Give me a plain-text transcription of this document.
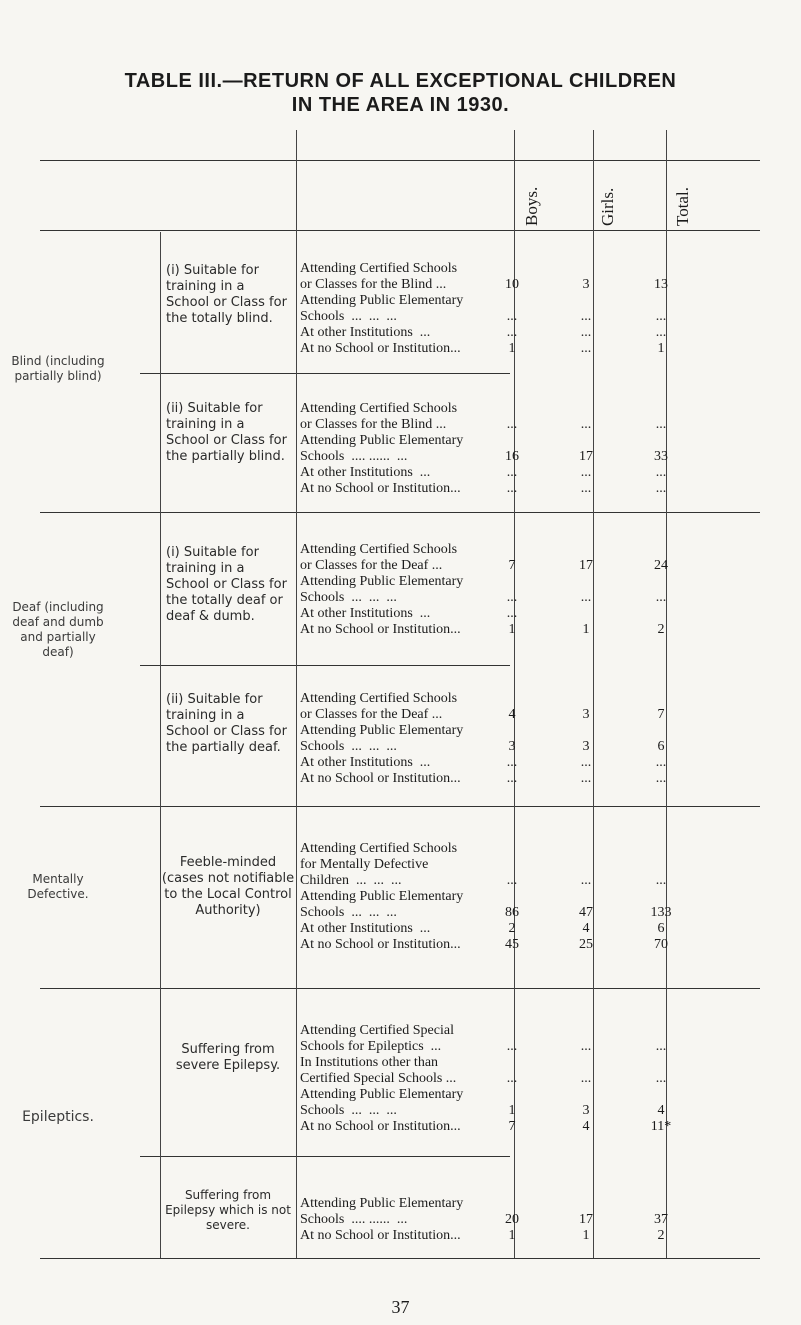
TABLE III.—RETURN OF ALL EXCEPTIONAL CHILDREN
IN THE AREA IN 1930.
Boys.	Girls.	Total.
Blind (including partially blind)
(i) Suitable for training in a School or Class for the totally blind.
Attending Certified Schools
or Classes for the Blind ...
Attending Public Elementary
Schools  ...  ...  ...
At other Institutions  ...
At no School or Institution...
10
...
...
1
3
...
...
...
13
...
...
1
(ii) Suitable for training in a School or Class for the partially blind.
Attending Certified Schools
or Classes for the Blind ...
Attending Public Elementary
Schools  .... ......  ...
At other Institutions  ...
At no School or Institution...
...
16
...
...
...
17
...
...
...
33
...
...
Deaf (including deaf and dumb and partially deaf)
(i) Suitable for training in a School or Class for the totally deaf or deaf & dumb.
Attending Certified Schools
or Classes for the Deaf ...
Attending Public Elementary
Schools  ...  ...  ...
At other Institutions  ...
At no School or Institution...
7
...
...
1
17
...
1
24
...
2
(ii) Suitable for training in a School or Class for the partially deaf.
Attending Certified Schools
or Classes for the Deaf ...
Attending Public Elementary
Schools  ...  ...  ...
At other Institutions  ...
At no School or Institution...
4
3
...
...
3
3
...
...
7
6
...
...
Mentally Defective.
Feeble-minded (cases not notifiable to the Local Control Authority)
Attending Certified Schools
for Mentally Defective
Children  ...  ...  ...
Attending Public Elementary
Schools  ...  ...  ...
At other Institutions  ...
At no School or Institution...
...
86
2
45
...
47
4
25
...
133
6
70
Epileptics.
Suffering from severe Epilepsy.
Attending Certified Special
Schools for Epileptics  ...
In Institutions other than
Certified Special Schools ...
Attending Public Elementary
Schools  ...  ...  ...
At no School or Institution...
...
...
1
7
...
...
3
4
...
...
4
11*
Suffering from Epilepsy which is not severe.
Attending Public Elementary
Schools  .... ......  ...
At no School or Institution...
20
1
17
1
37
2
37
